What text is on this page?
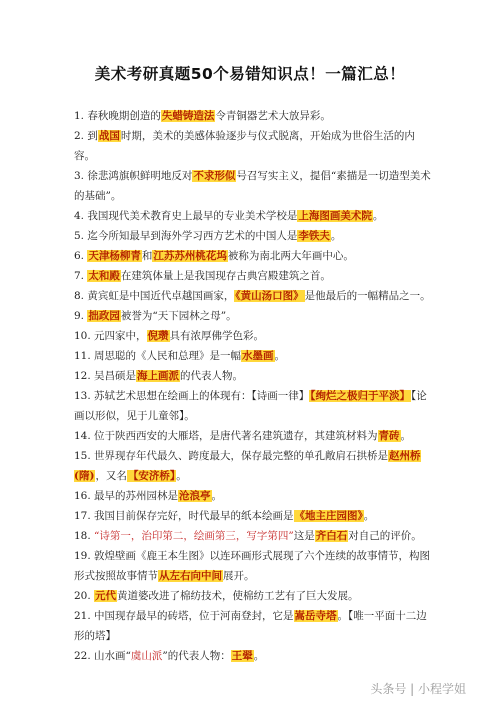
美术考研真题50个易错知识点！一篇汇总！

1. 春秋晚期创造的失蜡铸造法令青铜器艺术大放异彩。

2. 到战国时期，美术的美感体验逐步与仪式脱离，开始成为世俗生活的内容。

3. 徐悲鸿旗帜鲜明地反对不求形似号召写实主义，提倡“素描是一切造型美术的基础”。

4. 我国现代美术教育史上最早的专业美术学校是上海图画美术院。

5. 迄今所知最早到海外学习西方艺术的中国人是李铁夫。

6. 天津杨柳青和江苏苏州桃花坞被称为南北两大年画中心。

7. 太和殿在建筑体量上是我国现存古典宫殿建筑之首。

8. 黄宾虹是中国近代卓越国画家，《黄山汤口图》是他最后的一幅精品之一。

9. 拙政园被誉为“天下园林之母”。

10. 元四家中，倪瓒具有浓厚佛学色彩。

11. 周思聪的《人民和总理》是一幅水墨画。

12. 吴昌硕是海上画派的代表人物。

13. 苏轼艺术思想在绘画上的体现有：【诗画一律】【绚烂之极归于平淡】【论画以形似，见于儿童邻】。

14. 位于陕西西安的大雁塔，是唐代著名建筑遗存，其建筑材料为青砖。

15. 世界现存年代最久、跨度最大，保存最完整的单孔敞肩石拱桥是赵州桥(隋)，又名【安济桥】。

16. 最早的苏州园林是沧浪亭。

17. 我国目前保存完好，时代最早的纸本绘画是《地主庄园图》。

18. “诗第一，治印第二，绘画第三，写字第四”这是齐白石对自己的评价。

19. 敦煌壁画《鹿王本生图》以连环画形式展现了六个连续的故事情节，构图形式按照故事情节从左右向中间展开。

20. 元代黄道婆改进了棉纺技术，使棉纺工艺有了巨大发展。

21. 中国现存最早的砖塔，位于河南登封，它是嵩岳寺塔。【唯一平面十二边形的塔】

22. 山水画“虞山派”的代表人物：王翚。

头条号 | 小程学姐
